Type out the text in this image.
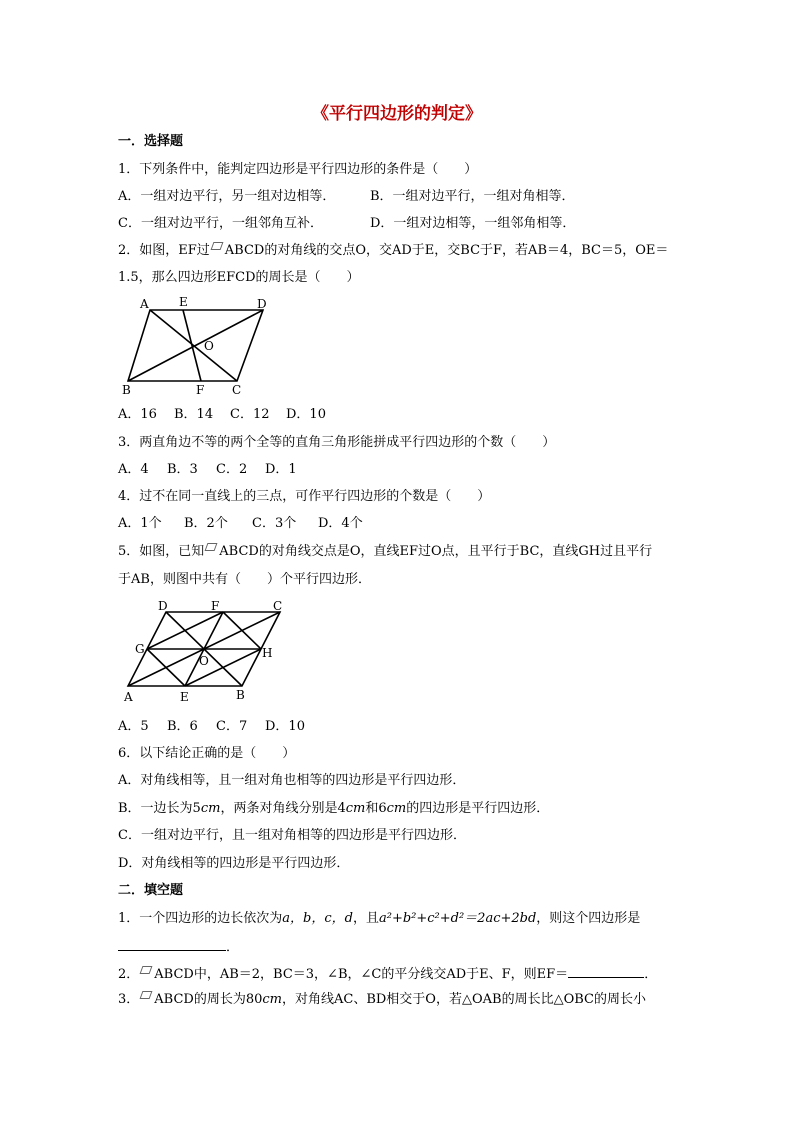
《平行四边形的判定》
一．选择题
1．下列条件中，能判定四边形是平行四边形的条件是（　　）
A．一组对边平行，另一组对边相等．	B．一组对边平行，一组对角相等．
C．一组对边平行，一组邻角互补．	D．一组对边相等，一组邻角相等．
2．如图，EF过 ABCD的对角线的交点O，交AD于E，交BC于F，若AB＝4，BC＝5，OE＝
1.5，那么四边形EFCD的周长是（　　）
A	E	D
O
B	F C
A．16 B．14 C．12 D．10
3．两直角边不等的两个全等的直角三角形能拼成平行四边形的个数（　　）
A．4 B．3 C．2 D．1
4．过不在同一直线上的三点，可作平行四边形的个数是（　　）
A．1个 B．2个 C．3个 D．4个
5．如图，已知 ABCD的对角线交点是O，直线EF过O点，且平行于BC，直线GH过且平行
于AB，则图中共有（　　）个平行四边形．
D	F	C
G
O
H
A	E	B
A．5 B．6 C．7 D．10
6．以下结论正确的是（　　）
A．对角线相等，且一组对角也相等的四边形是平行四边形．
B．一边长为5cm，两条对角线分别是4cm和6cm的四边形是平行四边形．
C．一组对边平行，且一组对角相等的四边形是平行四边形．
D．对角线相等的四边形是平行四边形．
二．填空题
1．一个四边形的边长依次为a，b，c，d，且a²+b²+c²+d²＝2ac+2bd，则这个四边形是
．
2． ABCD中，AB＝2，BC＝3，∠B，∠C的平分线交AD于E、F，则EF＝	．
3． ABCD的周长为80cm，对角线AC、BD相交于O，若△OAB的周长比△OBC的周长小
